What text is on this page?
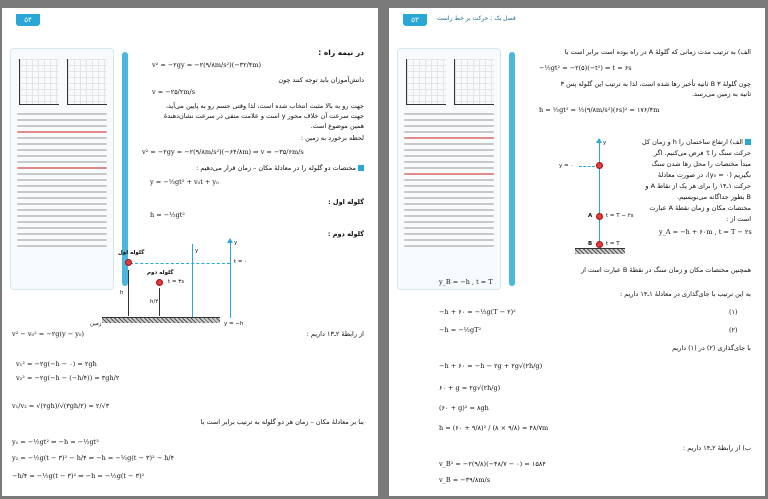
۵۴
در نیمه راه :
v² = −۲gy = −۲(۹/۸m/s²)(−۳۲/۴m)
دانش‌آموزان باید توجه کنند چون
v ≈ −۲۵/۲m/s
جهت رو به بالا مثبت انتخاب شده است، لذا وقتی جسم رو به پایین می‌آید،
جهت سرعت آن خلاف محور y است و علامت منفی در سرعت نشان‌دهندهٔ
همین موضوع است.
لحظه برخورد به زمین :
v² = −۲gy = −۲(۹/۸m/s²)(−۶۴/۸m) ⇒ v = −۳۵/۶m/s
مختصات دو گلوله را در معادلهٔ مکان – زمان قرار می‌دهیم :
y = −½gt² + v₀t + y₀
گلوله اول :
h = −½gt²
گلوله دوم :
y
t = ۰
گلوله اول
h
گلوله دوم
t = ۳s
h/۴
y
زمین	y = −h
از رابطهٔ ۲ـ۱۳ داریم :
v² − v₀² = −۲g(y − y₀)
v₁² = −۲g(−h − ۰) = ۲gh
v₂² = −۲g(−h − (−h/۴)) = ۳gh/۲
v₁/v₂ = √(۲gh)/√(۳gh/۲) = ۲/√۳
بنا بر معادلهٔ مکان – زمان هر دو گلوله به ترتیب برابر است با
y₁ = −½gt² ⇒ −h = −½gt²
y₂ = −½g(t − ۳)² − h/۴ ⇒ −h = −½g(t − ۳)² − h/۴
−h/۴ = −½g(t − ۳)² ⇒ −h = −½g(t − ۳)²
۵۳	فصل یک : حرکت بر خط راست
الف) به ترتیب مدت زمانی که گلولهٔ A در راه بوده است برابر است با
−½gt² = −۲(۵)(−t²) ⇒ t = ۶s
چون گلولهٔ B ۳ ثانیه تأخیر رها شده است، لذا به ترتیب این گلوله پس ۳
ثانیه به زمین می‌رسد.
h = ½gt² = ½(۹/۸m/s²)(۶s)² = ۱۷۶/۴m
الف) ارتفاع ساختمان را h و زمان کل
حرکت سنگ را t′ فرض می‌کنیم. اگر
مبدأ مختصات را محل رها شدن سنگ
بگیریم (y₀ = ۰)، در صورت معادلهٔ
حرکت ۱ـ۱۴ را برای هر یک از نقاط A و
B بطور جداگانه می‌نویسیم.
مختصات مکان و زمان نقطهٔ A عبارت
است از :
y_A = −h + ۶۰m , t = T − ۲s
y
y = ۰
A t = T − ۲s
B	t = T
همچنین مختصات مکان و زمان سنگ در نقطهٔ B عبارت است از
y_B = −h , t = T
به این ترتیب با جای‌گذاری در معادلهٔ ۱ـ۱۴ داریم :
−h + ۶۰ = −½g(T − ۲)²	(۱)
−h = −½gT²	(۲)
با جای‌گذاری (۲) در (۱) داریم
−h + ۶۰ = −h − ۲g + ۲g√(۲h/g)
۶۰ + g = ۲g√(۲h/g)
(۶۰ + g)² = ۸gh
h = (۶۰ + ۹/۸)² / (۸ × ۹/۸) ≈ ۴۸/۷m
ب) از رابطهٔ ۲ـ۱۴ داریم :
v_B² = −۲(۹/۸)(−۴۸/۷ − ۰) = ۱۵۸۴
v_B ≈ −۳۹/۸m/s
